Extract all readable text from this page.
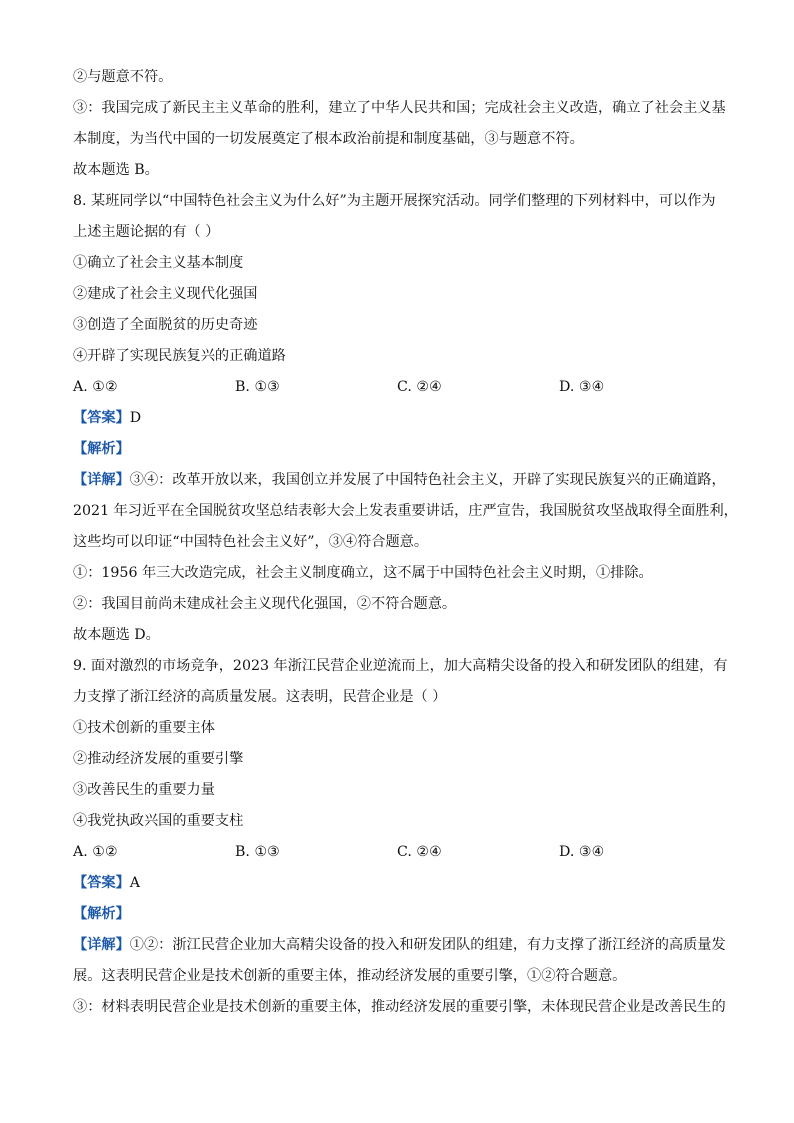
②与题意不符。
③：我国完成了新民主主义革命的胜利，建立了中华人民共和国；完成社会主义改造，确立了社会主义基
本制度，为当代中国的一切发展奠定了根本政治前提和制度基础，③与题意不符。
故本题选 B。
8. 某班同学以“中国特色社会主义为什么好”为主题开展探究活动。同学们整理的下列材料中，可以作为
上述主题论据的有（ ）
①确立了社会主义基本制度
②建成了社会主义现代化强国
③创造了全面脱贫的历史奇迹
④开辟了实现民族复兴的正确道路
A. ①②	B. ①③	C. ②④	D. ③④
【答案】D
【解析】
【详解】③④：改革开放以来，我国创立并发展了中国特色社会主义，开辟了实现民族复兴的正确道路，
2021 年习近平在全国脱贫攻坚总结表彰大会上发表重要讲话，庄严宣告，我国脱贫攻坚战取得全面胜利，
这些均可以印证“中国特色社会主义好”，③④符合题意。
①：1956 年三大改造完成，社会主义制度确立，这不属于中国特色社会主义时期，①排除。
②：我国目前尚未建成社会主义现代化强国，②不符合题意。
故本题选 D。
9. 面对激烈的市场竞争，2023 年浙江民营企业逆流而上，加大高精尖设备的投入和研发团队的组建，有
力支撑了浙江经济的高质量发展。这表明，民营企业是（ ）
①技术创新的重要主体
②推动经济发展的重要引擎
③改善民生的重要力量
④我党执政兴国的重要支柱
A. ①②	B. ①③	C. ②④	D. ③④
【答案】A
【解析】
【详解】①②：浙江民营企业加大高精尖设备的投入和研发团队的组建，有力支撑了浙江经济的高质量发
展。这表明民营企业是技术创新的重要主体，推动经济发展的重要引擎，①②符合题意。
③：材料表明民营企业是技术创新的重要主体，推动经济发展的重要引擎，未体现民营企业是改善民生的
